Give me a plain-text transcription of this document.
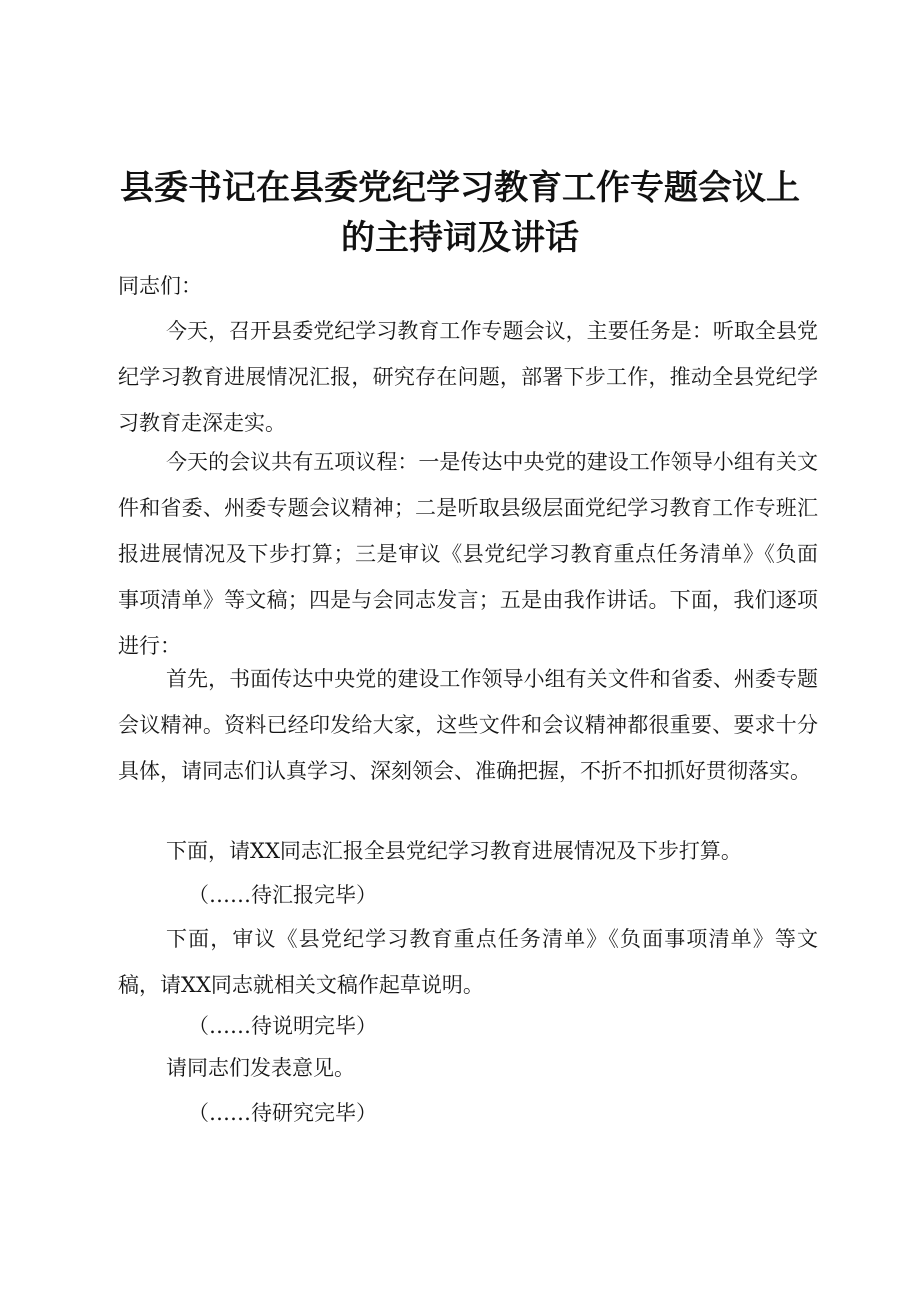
县委书记在县委党纪学习教育工作专题会议上
的主持词及讲话

同志们：

今天，召开县委党纪学习教育工作专题会议，主要任务是：听取全县党纪学习教育进展情况汇报，研究存在问题，部署下步工作，推动全县党纪学习教育走深走实。

今天的会议共有五项议程：一是传达中央党的建设工作领导小组有关文件和省委、州委专题会议精神；二是听取县级层面党纪学习教育工作专班汇报进展情况及下步打算；三是审议《县党纪学习教育重点任务清单》《负面事项清单》等文稿；四是与会同志发言；五是由我作讲话。下面，我们逐项进行：

首先，书面传达中央党的建设工作领导小组有关文件和省委、州委专题会议精神。资料已经印发给大家，这些文件和会议精神都很重要、要求十分具体，请同志们认真学习、深刻领会、准确把握，不折不扣抓好贯彻落实。

下面，请XX同志汇报全县党纪学习教育进展情况及下步打算。

（……待汇报完毕）

下面，审议《县党纪学习教育重点任务清单》《负面事项清单》等文稿，请XX同志就相关文稿作起草说明。

（……待说明完毕）

请同志们发表意见。

（……待研究完毕）
